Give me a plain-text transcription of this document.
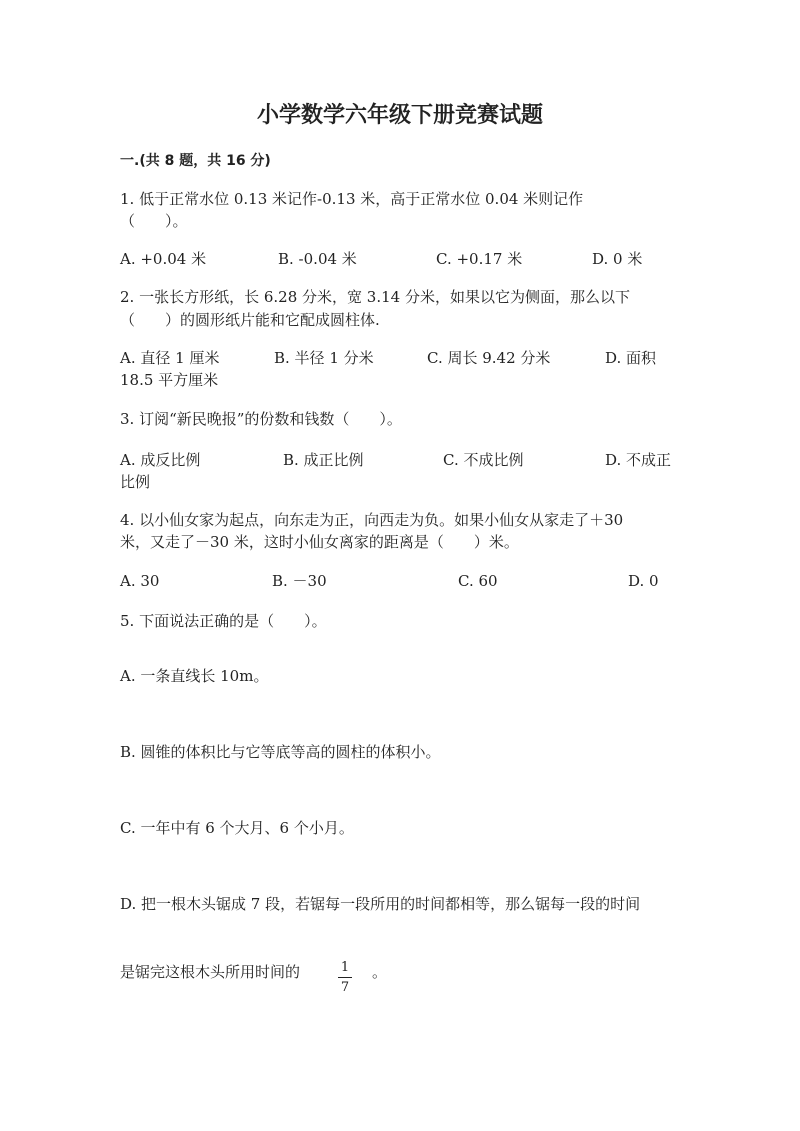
小学数学六年级下册竞赛试题
一.(共 8 题，共 16 分)
1. 低于正常水位 0.13 米记作-0.13 米，高于正常水位 0.04 米则记作
（　　）。
A. +0.04 米	B. -0.04 米	C. +0.17 米	D. 0 米
2. 一张长方形纸，长 6.28 分米，宽 3.14 分米，如果以它为侧面，那么以下
（　　）的圆形纸片能和它配成圆柱体.
A. 直径 1 厘米	B. 半径 1 分米	C. 周长 9.42 分米	D. 面积
18.5 平方厘米
3. 订阅“新民晚报”的份数和钱数（　　）。
A. 成反比例	B. 成正比例	C. 不成比例	D. 不成正
比例
4. 以小仙女家为起点，向东走为正，向西走为负。如果小仙女从家走了＋30
米，又走了－30 米，这时小仙女离家的距离是（　　）米。
A. 30	B. －30	C. 60	D. 0
5. 下面说法正确的是（　　）。
A. 一条直线长 10m。
B. 圆锥的体积比与它等底等高的圆柱的体积小。
C. 一年中有 6 个大月、6 个小月。
D. 把一根木头锯成 7 段，若锯每一段所用的时间都相等，那么锯每一段的时间
是锯完这根木头所用时间的	1
7
。
